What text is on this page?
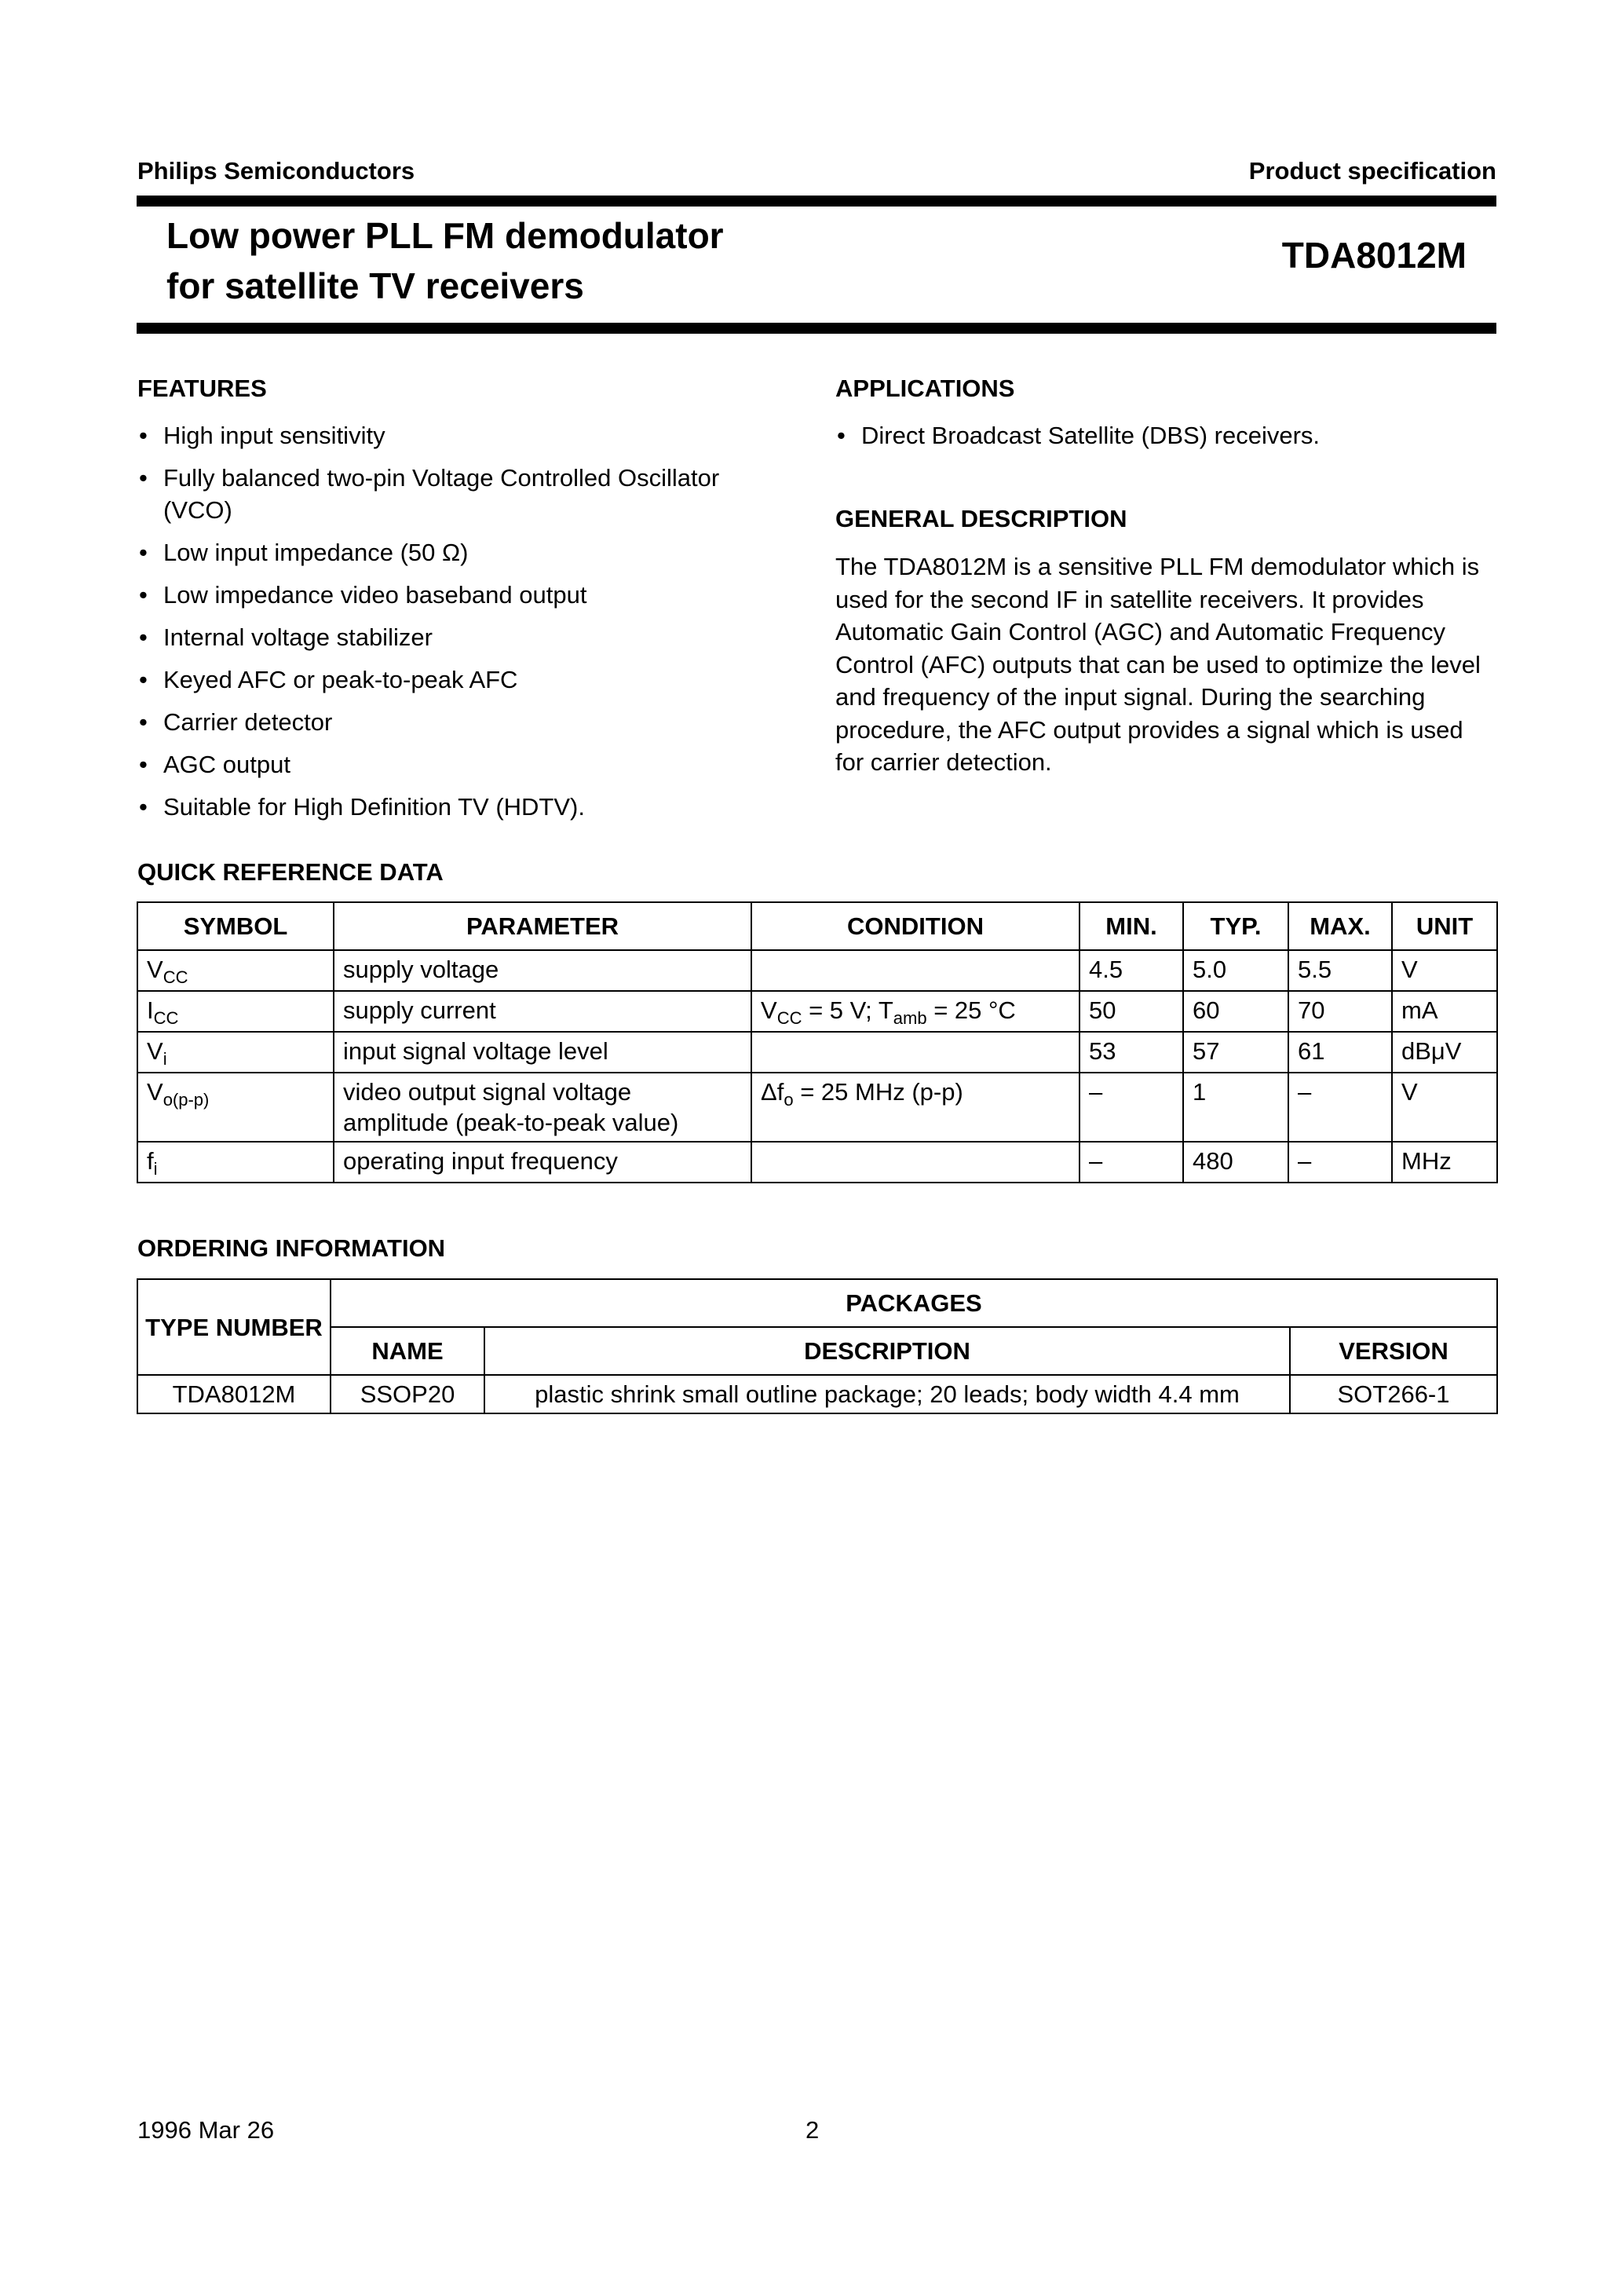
Philips Semiconductors	Product specification
Low power PLL FM demodulator
for satellite TV receivers
TDA8012M
FEATURES
• High input sensitivity
• Fully balanced two-pin Voltage Controlled Oscillator (VCO)
• Low input impedance (50 Ω)
• Low impedance video baseband output
• Internal voltage stabilizer
• Keyed AFC or peak-to-peak AFC
• Carrier detector
• AGC output
• Suitable for High Definition TV (HDTV).
APPLICATIONS
• Direct Broadcast Satellite (DBS) receivers.
GENERAL DESCRIPTION
The TDA8012M is a sensitive PLL FM demodulator which is used for the second IF in satellite receivers. It provides Automatic Gain Control (AGC) and Automatic Frequency Control (AFC) outputs that can be used to optimize the level and frequency of the input signal. During the searching procedure, the AFC output provides a signal which is used for carrier detection.
QUICK REFERENCE DATA
SYMBOL	PARAMETER	CONDITION	MIN.	TYP.	MAX.	UNIT
$V_{CC}$	supply voltage		4.5	5.0	5.5	V
$I_{CC}$	supply current	$V_{CC} = 5$ V; $T_{amb} = 25$ °C	50	60	70	mA
$V_i$	input signal voltage level		53	57	61	dBμV
$V_{o(p-p)}$	video output signal voltage amplitude (peak-to-peak value)	$\Delta f_o = 25$ MHz (p-p)	–	1	–	V
$f_i$	operating input frequency		–	480	–	MHz
ORDERING INFORMATION
TYPE NUMBER	PACKAGES		
	NAME	DESCRIPTION	VERSION
TDA8012M	SSOP20	plastic shrink small outline package; 20 leads; body width 4.4 mm	SOT266-1
1996 Mar 26	2
